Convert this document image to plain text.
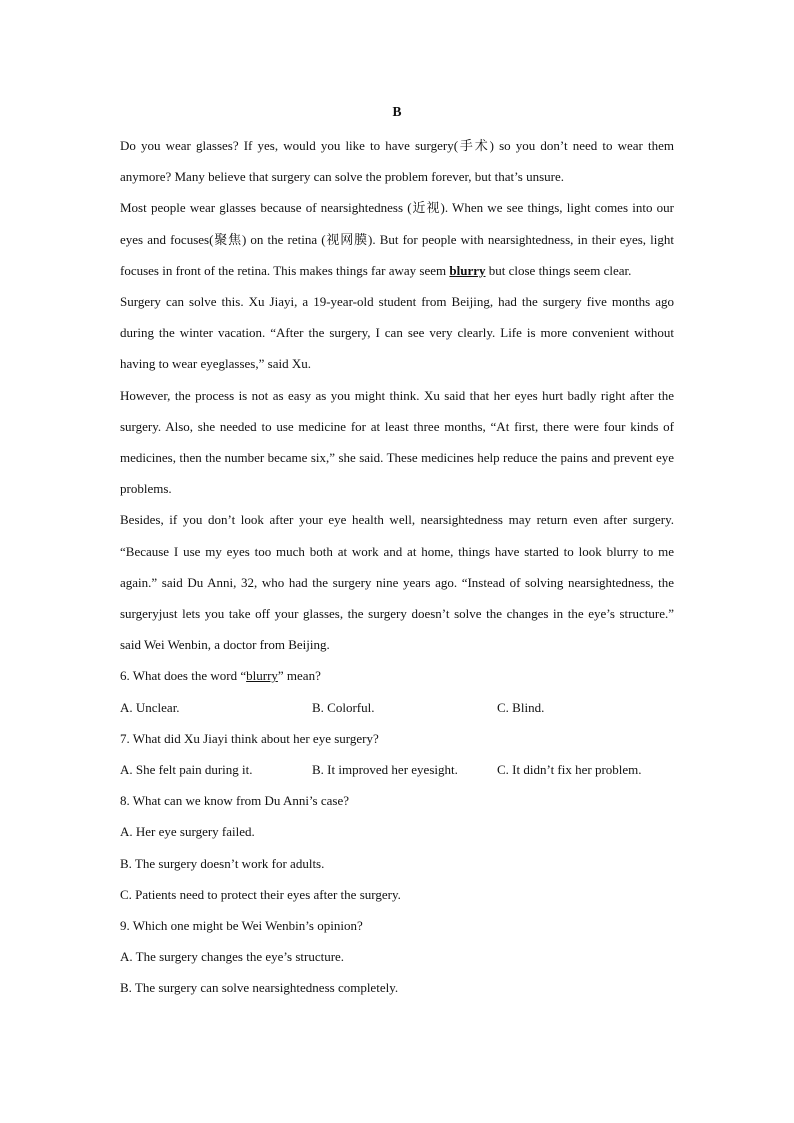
B

Do you wear glasses? If yes, would you like to have surgery(手术) so you don’t need to wear them anymore? Many believe that surgery can solve the problem forever, but that’s unsure.

Most people wear glasses because of nearsightedness (近视). When we see things, light comes into our eyes and focuses(聚焦) on the retina (视网膜). But for people with nearsightedness, in their eyes, light focuses in front of the retina. This makes things far away seem blurry but close things seem clear.

Surgery can solve this. Xu Jiayi, a 19-year-old student from Beijing, had the surgery five months ago during the winter vacation. “After the surgery, I can see very clearly. Life is more convenient without having to wear eyeglasses,” said Xu.

However, the process is not as easy as you might think. Xu said that her eyes hurt badly right after the surgery. Also, she needed to use medicine for at least three months, “At first, there were four kinds of medicines, then the number became six,” she said. These medicines help reduce the pains and prevent eye problems.

Besides, if you don’t look after your eye health well, nearsightedness may return even after surgery. “Because I use my eyes too much both at work and at home, things have started to look blurry to me again.” said Du Anni, 32, who had the surgery nine years ago. “Instead of solving nearsightedness, the surgeryjust lets you take off your glasses, the surgery doesn’t solve the changes in the eye’s structure.” said Wei Wenbin, a doctor from Beijing.

6. What does the word “blurry” mean?

A. Unclear.	B. Colorful.	C. Blind.

7. What did Xu Jiayi think about her eye surgery?

A. She felt pain during it.	B. It improved her eyesight.	C. It didn’t fix her problem.

8. What can we know from Du Anni’s case?

A. Her eye surgery failed.

B. The surgery doesn’t work for adults.

C. Patients need to protect their eyes after the surgery.

9. Which one might be Wei Wenbin’s opinion?

A. The surgery changes the eye’s structure.

B. The surgery can solve nearsightedness completely.
